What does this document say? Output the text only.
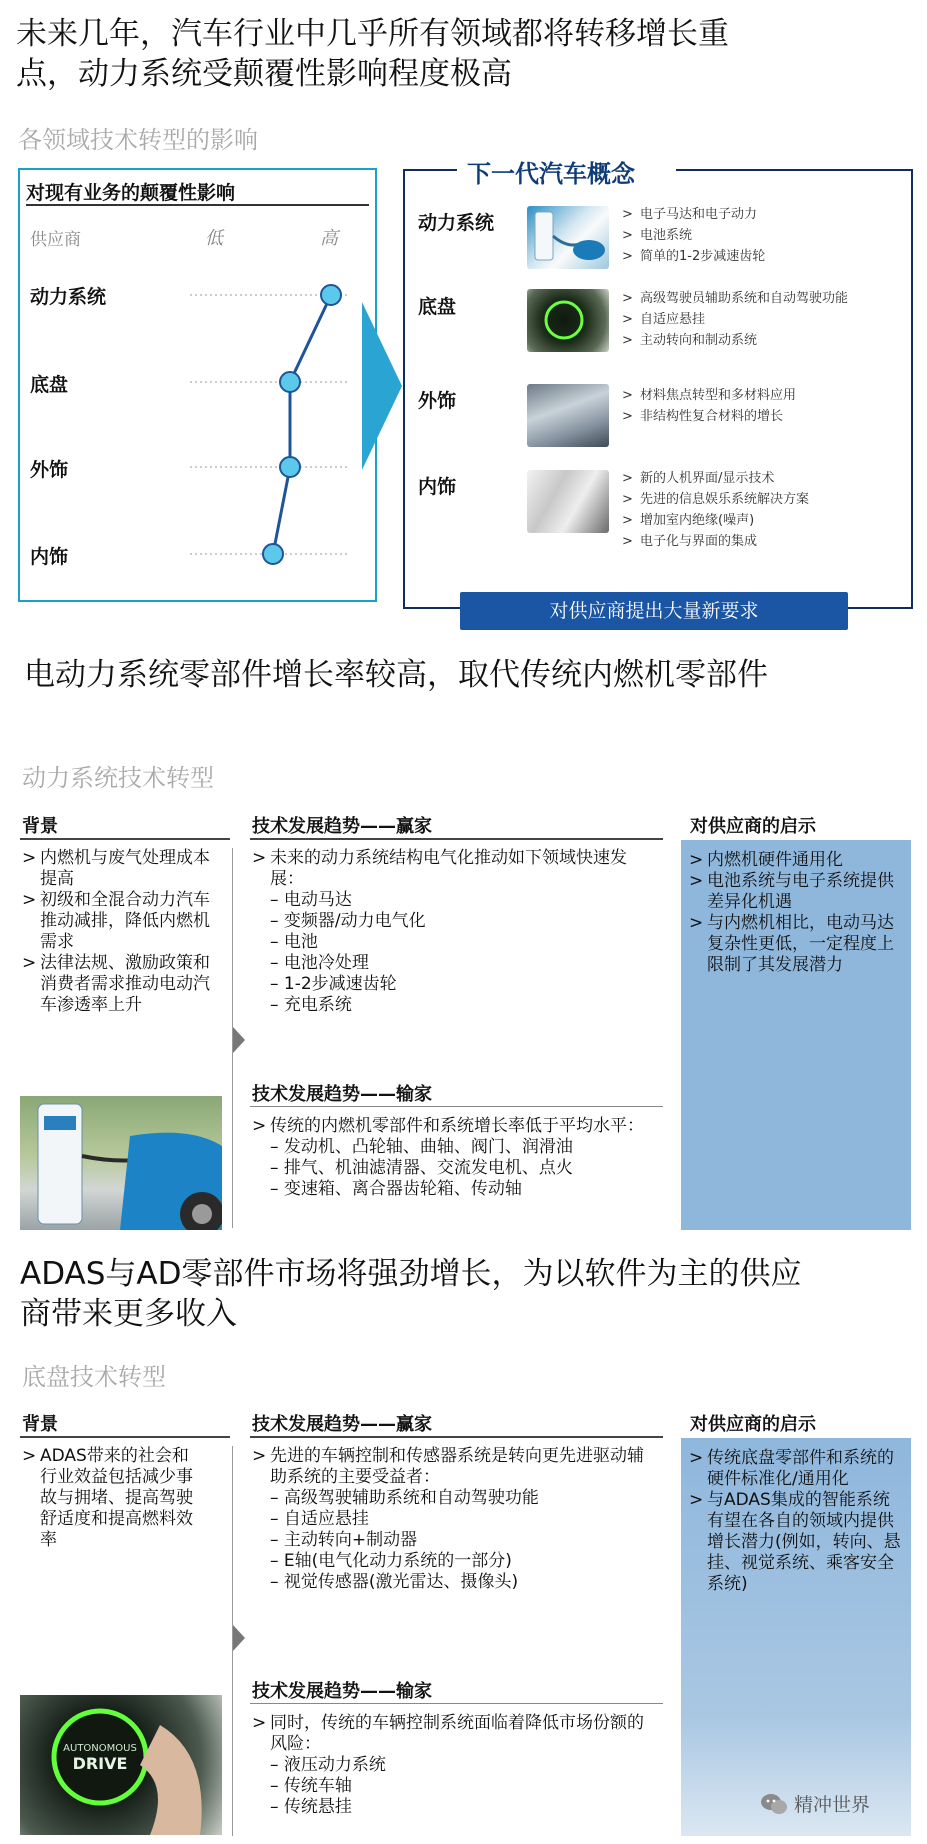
未来几年，汽车行业中几乎所有领域都将转移增长重
点，动力系统受颠覆性影响程度极高
各领域技术转型的影响
对现有业务的颠覆性影响
供应商	低	高
动力系统
底盘
外饰
内饰
下一代汽车概念
动力系统	> 电子马达和电子动力
> 电池系统
> 简单的1-2步减速齿轮
底盘	> 高级驾驶员辅助系统和自动驾驶功能
> 自适应悬挂
> 主动转向和制动系统
外饰	> 材料焦点转型和多材料应用
> 非结构性复合材料的增长
内饰	> 新的人机界面/显示技术
> 先进的信息娱乐系统解决方案
> 增加室内绝缘(噪声)
> 电子化与界面的集成
对供应商提出大量新要求
电动力系统零部件增长率较高，取代传统内燃机零部件
动力系统技术转型
背景
> 内燃机与废气处理成本提高
> 初级和全混合动力汽车推动减排，降低内燃机需求
> 法律法规、激励政策和消费者需求推动电动汽车渗透率上升
技术发展趋势——赢家
> 未来的动力系统结构电气化推动如下领域快速发展：
– 电动马达
– 变频器/动力电气化
– 电池
– 电池冷处理
– 1-2步减速齿轮
– 充电系统
技术发展趋势——输家
> 传统的内燃机零部件和系统增长率低于平均水平：
– 发动机、凸轮轴、曲轴、阀门、润滑油
– 排气、机油滤清器、交流发电机、点火
– 变速箱、离合器齿轮箱、传动轴
对供应商的启示
> 内燃机硬件通用化
> 电池系统与电子系统提供差异化机遇
> 与内燃机相比，电动马达复杂性更低，一定程度上限制了其发展潜力
ADAS与AD零部件市场将强劲增长，为以软件为主的供应
商带来更多收入
底盘技术转型
背景
> ADAS带来的社会和行业效益包括减少事故与拥堵、提高驾驶舒适度和提高燃料效率
AUTONOMOUS
DRIVE
技术发展趋势——赢家
> 先进的车辆控制和传感器系统是转向更先进驱动辅助系统的主要受益者：
– 高级驾驶辅助系统和自动驾驶功能
– 自适应悬挂
– 主动转向+制动器
– E轴(电气化动力系统的一部分)
– 视觉传感器(激光雷达、摄像头)
技术发展趋势——输家
> 同时，传统的车辆控制系统面临着降低市场份额的风险：
– 液压动力系统
– 传统车轴
– 传统悬挂
对供应商的启示
> 传统底盘零部件和系统的硬件标准化/通用化
> 与ADAS集成的智能系统有望在各自的领域内提供增长潜力(例如，转向、悬挂、视觉系统、乘客安全系统)
精冲世界
